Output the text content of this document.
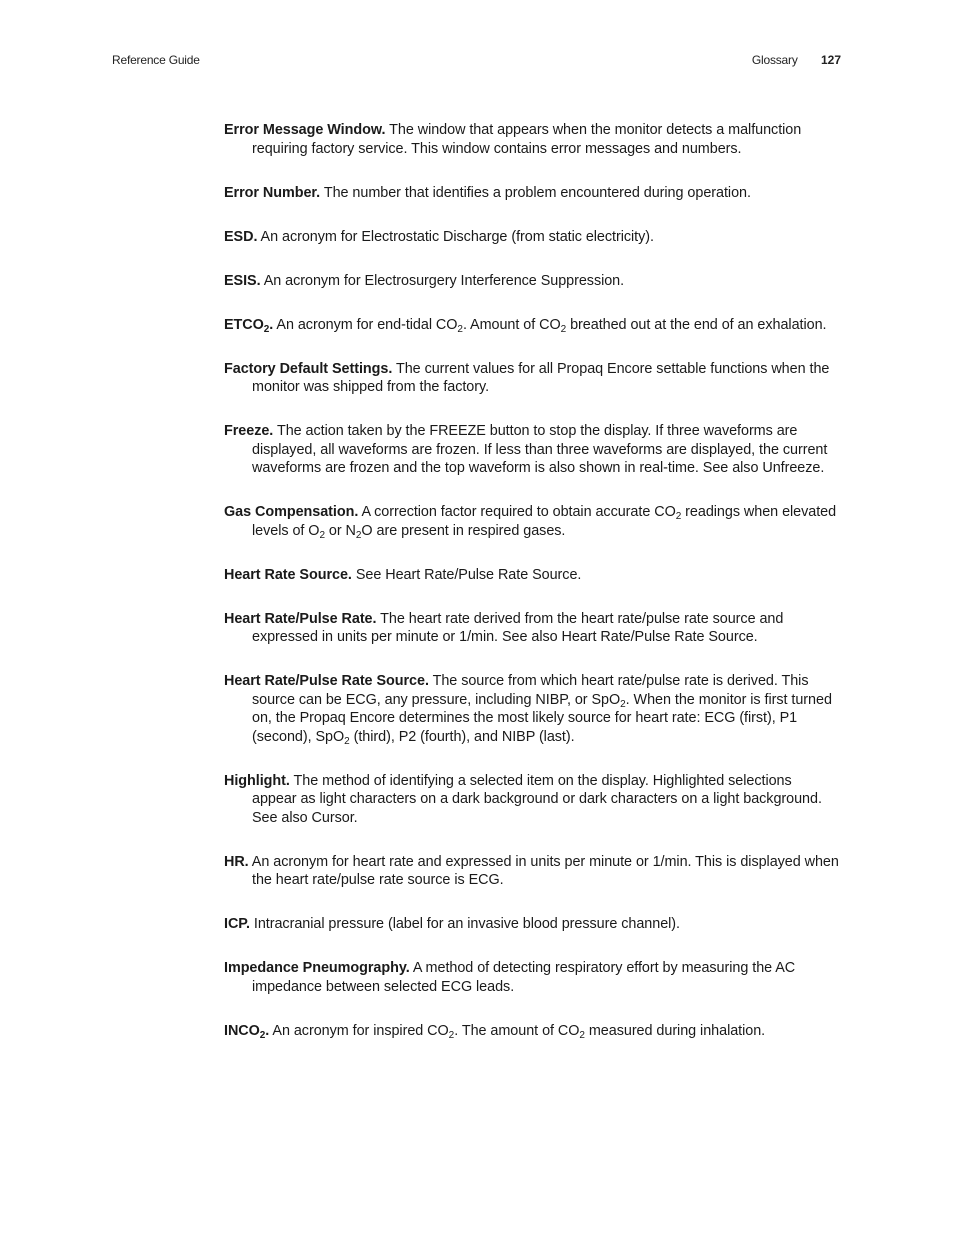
Reference Guide	Glossary 127

Error Message Window. The window that appears when the monitor detects a malfunction requiring factory service. This window contains error messages and numbers.

Error Number. The number that identifies a problem encountered during operation.

ESD. An acronym for Electrostatic Discharge (from static electricity).

ESIS. An acronym for Electrosurgery Interference Suppression.

$ETCO_2$. An acronym for end-tidal $CO_2$. Amount of $CO_2$ breathed out at the end of an exhalation.

Factory Default Settings. The current values for all Propaq Encore settable functions when the monitor was shipped from the factory.

Freeze. The action taken by the FREEZE button to stop the display. If three waveforms are displayed, all waveforms are frozen. If less than three waveforms are displayed, the current waveforms are frozen and the top waveform is also shown in real-time. See also Unfreeze.

Gas Compensation. A correction factor required to obtain accurate $CO_2$ readings when elevated levels of $O_2$ or $N_2O$ are present in respired gases.

Heart Rate Source. See Heart Rate/Pulse Rate Source.

Heart Rate/Pulse Rate. The heart rate derived from the heart rate/pulse rate source and expressed in units per minute or 1/min. See also Heart Rate/Pulse Rate Source.

Heart Rate/Pulse Rate Source. The source from which heart rate/pulse rate is derived. This source can be ECG, any pressure, including NIBP, or SpO$_2$. When the monitor is first turned on, the Propaq Encore determines the most likely source for heart rate: ECG (first), P1 (second), SpO$_2$ (third), P2 (fourth), and NIBP (last).

Highlight. The method of identifying a selected item on the display. Highlighted selections appear as light characters on a dark background or dark characters on a light background. See also Cursor.

HR. An acronym for heart rate and expressed in units per minute or 1/min. This is displayed when the heart rate/pulse rate source is ECG.

ICP. Intracranial pressure (label for an invasive blood pressure channel).

Impedance Pneumography. A method of detecting respiratory effort by measuring the AC impedance between selected ECG leads.

$INCO_2$. An acronym for inspired $CO_2$. The amount of $CO_2$ measured during inhalation.
